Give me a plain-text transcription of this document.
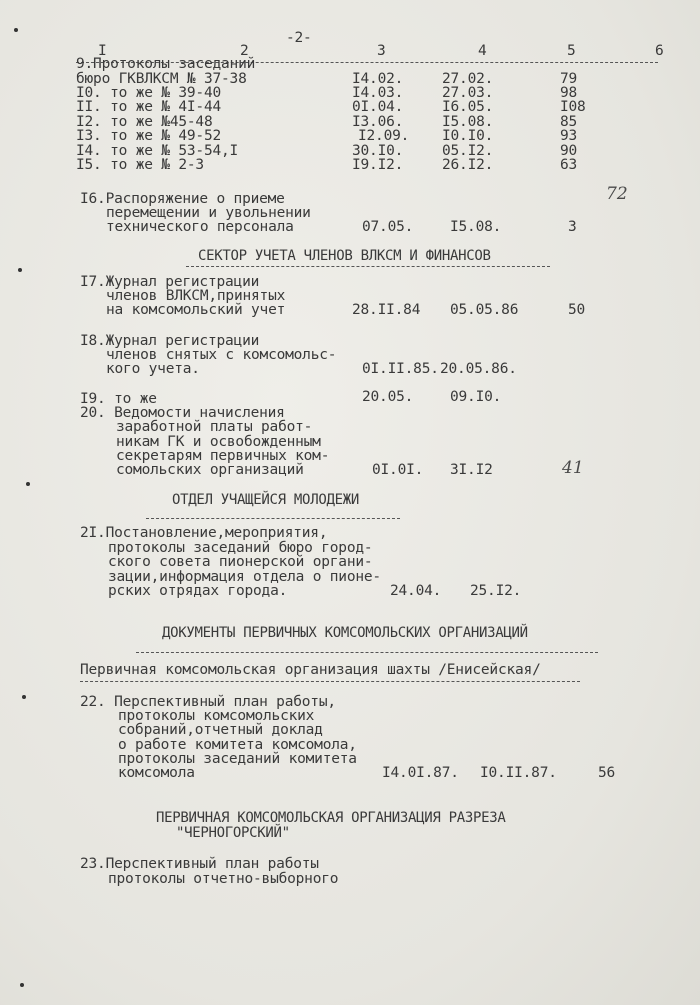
-2-
I	2	3	4	5	6
9.Протоколы заседаний
бюро ГКВЛКСМ № 37-38	I4.02.	27.02.	79
I0. то же № 39-40	I4.03.	27.03.	98
II. то же № 4I-44	0I.04.	I6.05.	I08
I2. то же №45-48	I3.06.	I5.08.	85
I3. то же № 49-52	I2.09. I0.I0.	93
I4. то же № 53-54,I	30.I0.	05.I2.	90
I5. то же № 2-3	I9.I2.	26.I2.	63
I6.Распоряжение о приеме
перемещении и увольнении
технического персонала	07.05.	I5.08.	3
72
СЕКТОР УЧЕТА ЧЛЕНОВ ВЛКСМ И ФИНАНСОВ
I7.Журнал регистрации
членов ВЛКСМ,принятых
на комсомольский учет	28.II.84 05.05.86	50
I8.Журнал регистрации
членов снятых с комсомольс-
кого учета.	0I.II.85. 20.05.86.
I9. то же	20.05.	09.I0.
20. Ведомости начисления
заработной платы работ-
никам ГК и освобожденным
секретарям первичных ком-
сомольских организаций	0I.0I. 3I.I2	41
ОТДЕЛ УЧАЩЕЙСЯ МОЛОДЕЖИ
2I.Постановление,мероприятия,
протоколы заседаний бюро город-
ского совета пионерской органи-
зации,информация отдела о пионе-
рских отрядах города.	24.04. 25.I2.
ДОКУМЕНТЫ ПЕРВИЧНЫХ КОМСОМОЛЬСКИХ ОРГАНИЗАЦИЙ
Первичная комсомольская организация шахты /Енисейская/
22. Перспективный план работы,
протоколы комсомольских
собраний,отчетный доклад
о работе комитета комсомола,
протоколы заседаний комитета
комсомола	I4.0I.87. I0.II.87.	56
ПЕРВИЧНАЯ КОМСОМОЛЬСКАЯ ОРГАНИЗАЦИЯ РАЗРЕЗА
"ЧЕРНОГОРСКИЙ"
23.Перспективный план работы
протоколы отчетно-выборного
